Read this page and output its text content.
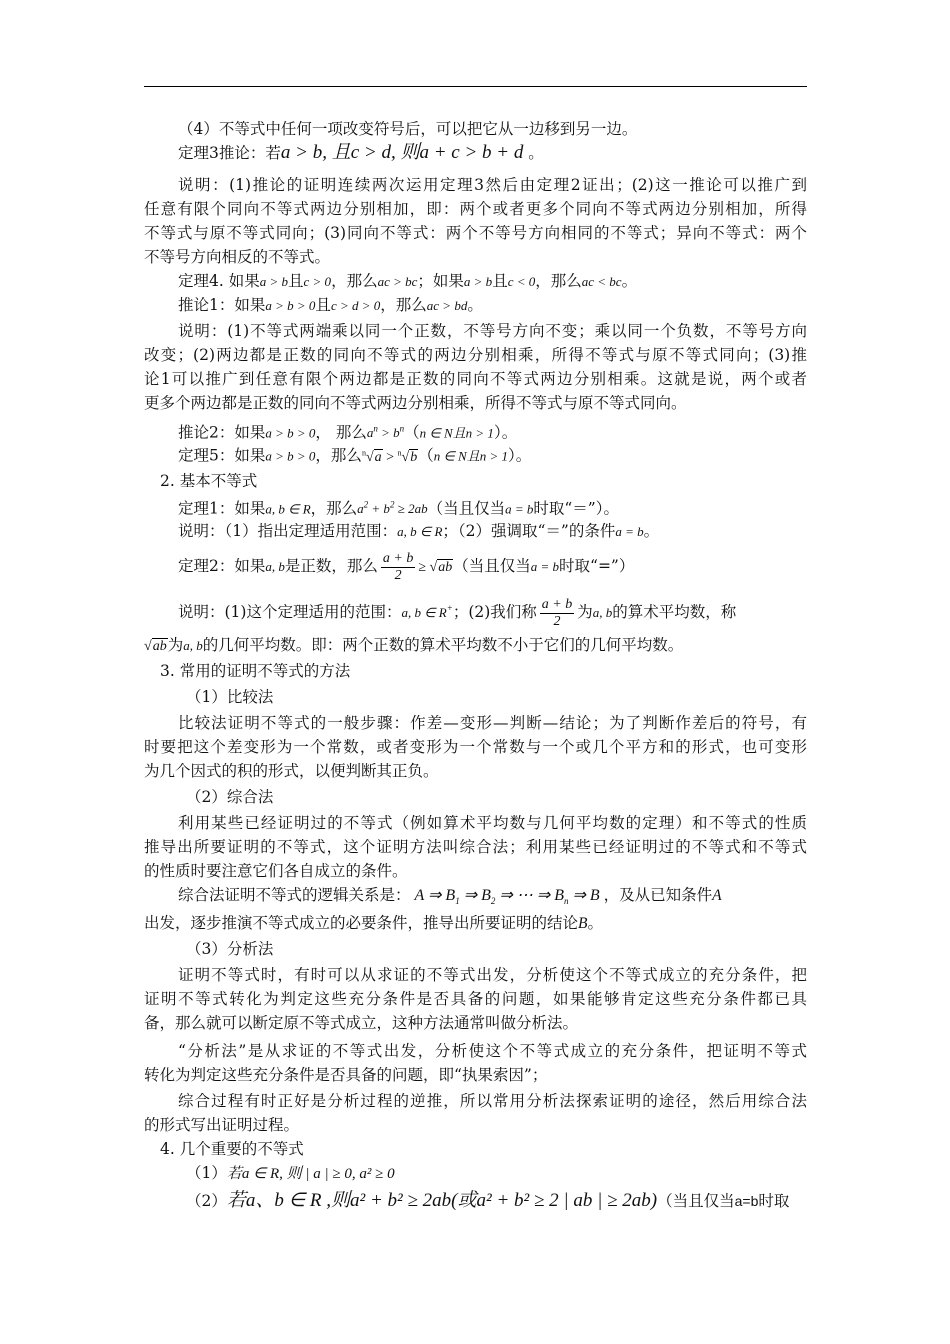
（4）不等式中任何一项改变符号后，可以把它从一边移到另一边。
定理3推论：若a > b, 且c > d, 则a + c > b + d 。
说明：(1)推论的证明连续两次运用定理3然后由定理2证出；(2)这一推论可以推广到
任意有限个同向不等式两边分别相加，即：两个或者更多个同向不等式两边分别相加，所得
不等式与原不等式同向；(3)同向不等式：两个不等号方向相同的不等式；异向不等式：两个
不等号方向相反的不等式。
定理4. 如果a > b且c > 0，那么ac > bc；如果a > b且c < 0，那么ac < bc。
推论1：如果a > b > 0且c > d > 0，那么ac > bd。
说明：(1)不等式两端乘以同一个正数，不等号方向不变；乘以同一个负数，不等号方向
改变；(2)两边都是正数的同向不等式的两边分别相乘，所得不等式与原不等式同向；(3)推
论1可以推广到任意有限个两边都是正数的同向不等式两边分别相乘。这就是说，两个或者
更多个两边都是正数的同向不等式两边分别相乘，所得不等式与原不等式同向。
推论2：如果a > b > 0， 那么$a^n > b^n(n$ ∈ N且n > 1）。
定理5：如果a > b > 0，那么$^n$√a > $^n$√b（n ∈ N且n > 1）。
2. 基本不等式
定理1：如果a, b ∈ R，那么$a^2 + b^2 \ge 2ab$（当且仅当a = b时取“＝”）。
说明：（1）指出定理适用范围：a, b ∈ R；（2）强调取“＝”的条件a = b。
定理2：如果a, b是正数，那么 $\frac{a + b}{2} \ge √ab$（当且仅当a = b时取“=”）
说明：(1)这个定理适用的范围：a, b ∈ R+；(2)我们称 $\frac{a + b}{2}$ 为a, b的算术平均数，称
√ab为a, b的几何平均数。即：两个正数的算术平均数不小于它们的几何平均数。
3. 常用的证明不等式的方法
（1）比较法
比较法证明不等式的一般步骤：作差—变形—判断—结论；为了判断作差后的符号，有
时要把这个差变形为一个常数，或者变形为一个常数与一个或几个平方和的形式，也可变形
为几个因式的积的形式，以便判断其正负。
（2）综合法
利用某些已经证明过的不等式（例如算术平均数与几何平均数的定理）和不等式的性质
推导出所要证明的不等式，这个证明方法叫综合法；利用某些已经证明过的不等式和不等式
的性质时要注意它们各自成立的条件。
综合法证明不等式的逻辑关系是： A ⇒ $B_1$ ⇒ $B_2$ ⇒ ⋯ ⇒ $B_n$ ⇒ B ，及从已知条件A
出发，逐步推演不等式成立的必要条件，推导出所要证明的结论B。
（3）分析法
证明不等式时，有时可以从求证的不等式出发，分析使这个不等式成立的充分条件，把
证明不等式转化为判定这些充分条件是否具备的问题，如果能够肯定这些充分条件都已具
备，那么就可以断定原不等式成立，这种方法通常叫做分析法。
“分析法”是从求证的不等式出发，分析使这个不等式成立的充分条件，把证明不等式
转化为判定这些充分条件是否具备的问题，即“执果索因”；
综合过程有时正好是分析过程的逆推，所以常用分析法探索证明的途径，然后用综合法
的形式写出证明过程。
4. 几个重要的不等式
（1）若a ∈ R, 则 | a | ≥ 0, a² ≥ 0
（2）若a、b ∈ R ,则a² + b² ≥ 2ab(或a² + b² ≥ 2 | ab | ≥ 2ab)（当且仅当a=b时取
